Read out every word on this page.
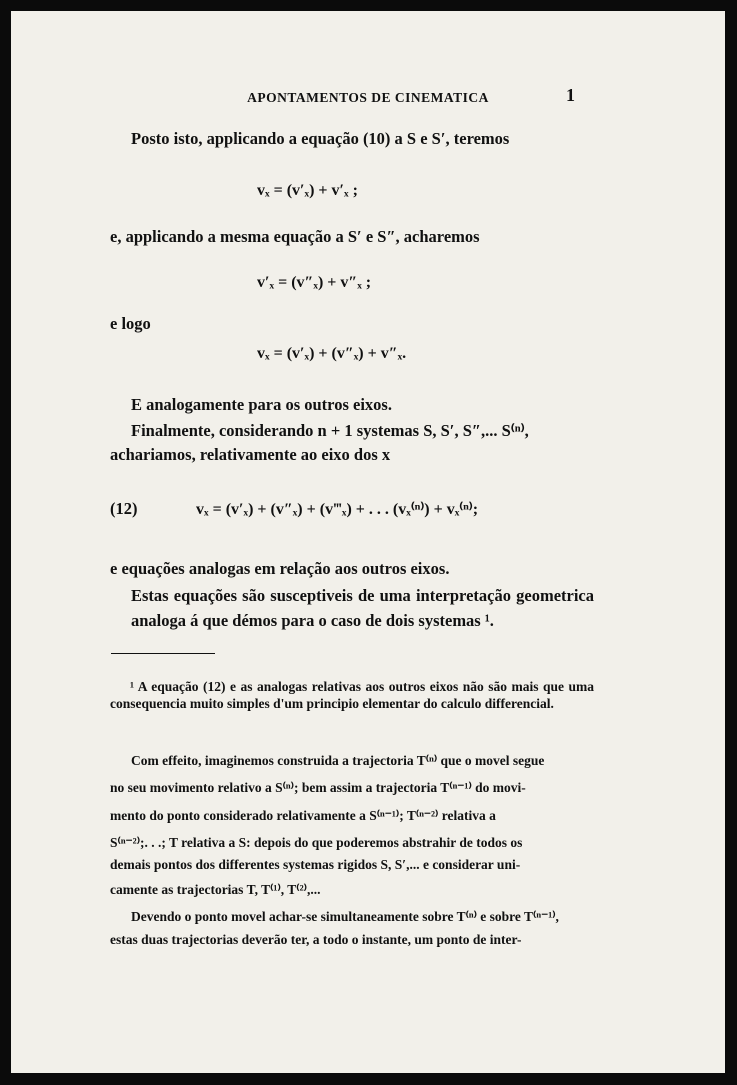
APONTAMENTOS DE CINEMATICA	1
Posto isto, applicando a equação (10) a S e S′, teremos
vₓ = (v′ₓ) + v′ₓ ;
e, applicando a mesma equação a S′ e S″, acharemos
v′ₓ = (v″ₓ) + v″ₓ ;
e logo
vₓ = (v′ₓ) + (v″ₓ) + v″ₓ.
E analogamente para os outros eixos.
Finalmente, considerando n + 1 systemas S, S′, S″,... S⁽ⁿ⁾,
achariamos, relativamente ao eixo dos x
(12)	vₓ = (v′ₓ) + (v″ₓ) + (v‴ₓ) + . . . (vₓ⁽ⁿ⁾) + vₓ⁽ⁿ⁾;
e equações analogas em relação aos outros eixos.
Estas equações são susceptiveis de uma interpretação geometrica analoga á que démos para o caso de dois systemas ¹.
¹ A equação (12) e as analogas relativas aos outros eixos não são mais que uma consequencia muito simples d'um principio elementar do calculo differencial.
Com effeito, imaginemos construida a trajectoria T⁽ⁿ⁾ que o movel segue
no seu movimento relativo a S⁽ⁿ⁾; bem assim a trajectoria T⁽ⁿ⁻¹⁾ do movi-
mento do ponto considerado relativamente a S⁽ⁿ⁻¹⁾; T⁽ⁿ⁻²⁾ relativa a
S⁽ⁿ⁻²⁾;. . .; T relativa a S: depois do que poderemos abstrahir de todos os
demais pontos dos differentes systemas rigidos S, S′,... e considerar uni-
camente as trajectorias T, T⁽¹⁾, T⁽²⁾,...
Devendo o ponto movel achar-se simultaneamente sobre T⁽ⁿ⁾ e sobre T⁽ⁿ⁻¹⁾,
estas duas trajectorias deverão ter, a todo o instante, um ponto de inter-
